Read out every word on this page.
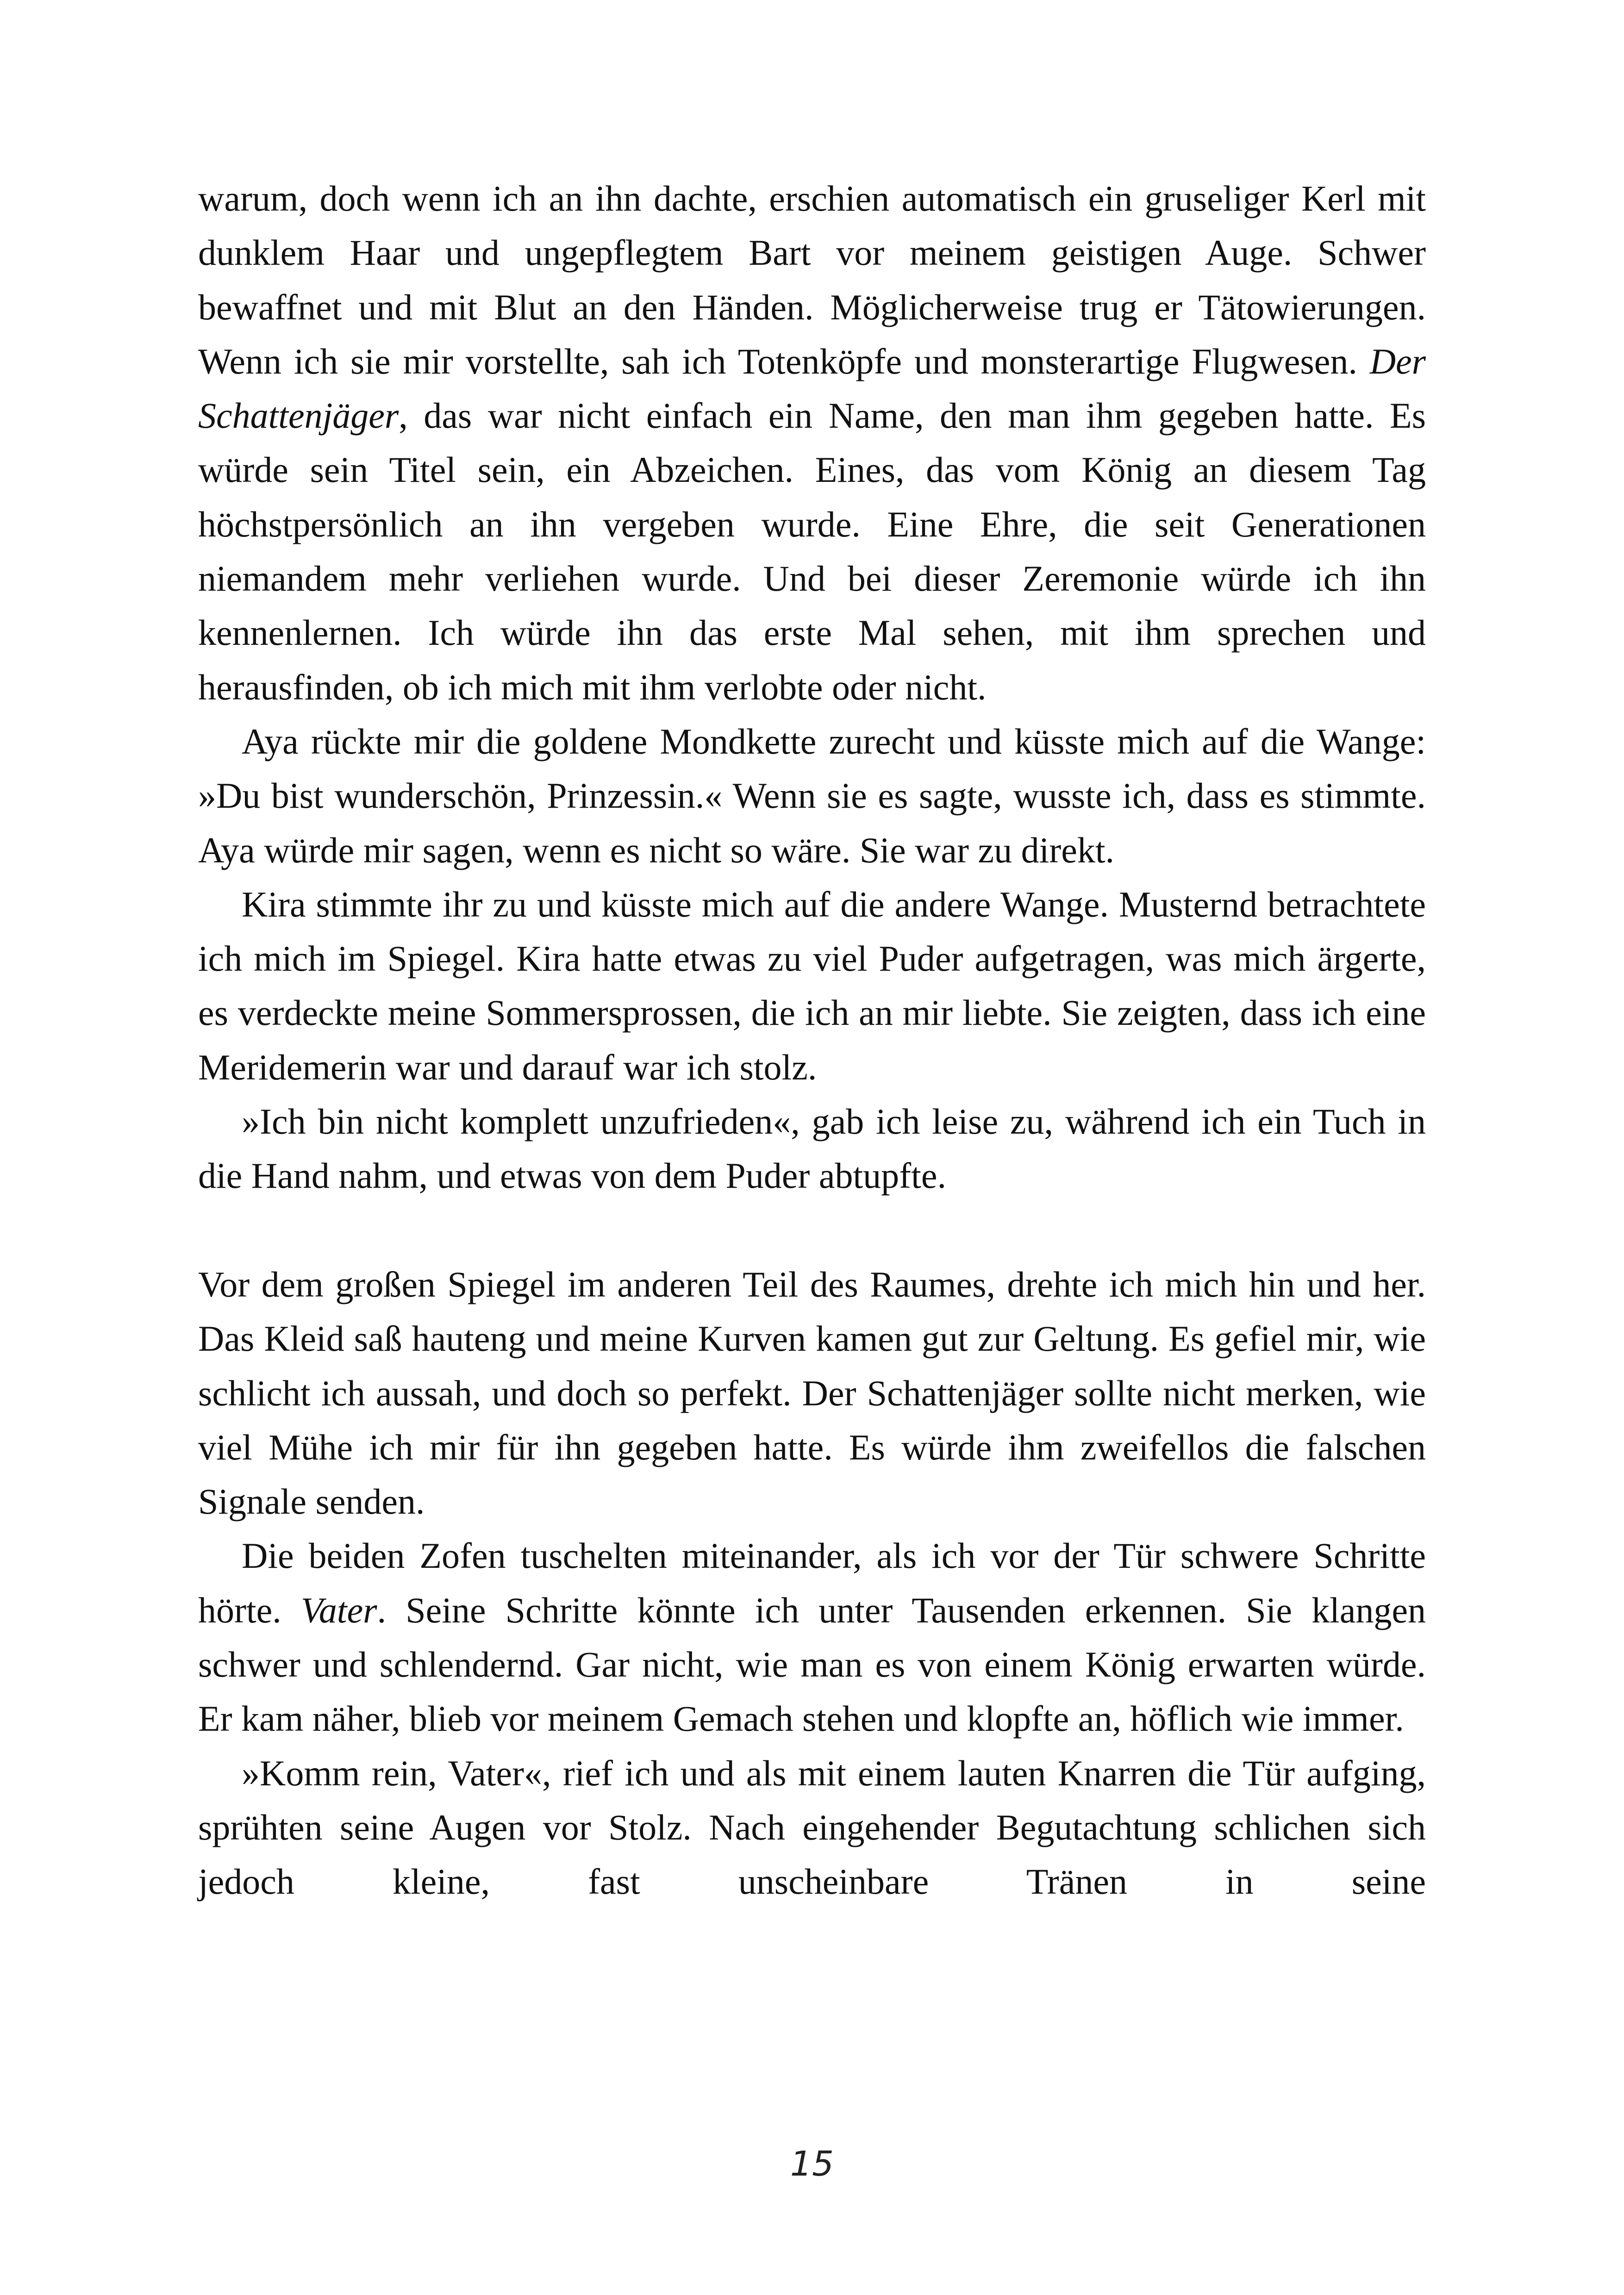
warum, doch wenn ich an ihn dachte, erschien automatisch ein gruseliger Kerl mit dunklem Haar und ungepflegtem Bart vor meinem geistigen Auge. Schwer bewaffnet und mit Blut an den Händen. Möglicherweise trug er Tätowierungen. Wenn ich sie mir vorstellte, sah ich Totenköpfe und monsterartige Flugwesen. Der Schattenjäger, das war nicht einfach ein Name, den man ihm gegeben hatte. Es würde sein Titel sein, ein Abzeichen. Eines, das vom König an diesem Tag höchstpersönlich an ihn vergeben wurde. Eine Ehre, die seit Generationen niemandem mehr verliehen wurde. Und bei dieser Zeremonie würde ich ihn kennenlernen. Ich würde ihn das erste Mal sehen, mit ihm sprechen und herausfinden, ob ich mich mit ihm verlobte oder nicht.

Aya rückte mir die goldene Mondkette zurecht und küsste mich auf die Wange: »Du bist wunderschön, Prinzessin.« Wenn sie es sagte, wusste ich, dass es stimmte. Aya würde mir sagen, wenn es nicht so wäre. Sie war zu direkt.

Kira stimmte ihr zu und küsste mich auf die andere Wange. Musternd betrachtete ich mich im Spiegel. Kira hatte etwas zu viel Puder aufgetragen, was mich ärgerte, es verdeckte meine Sommersprossen, die ich an mir liebte. Sie zeigten, dass ich eine Meridemerin war und darauf war ich stolz.

»Ich bin nicht komplett unzufrieden«, gab ich leise zu, während ich ein Tuch in die Hand nahm, und etwas von dem Puder abtupfte.

Vor dem großen Spiegel im anderen Teil des Raumes, drehte ich mich hin und her. Das Kleid saß hauteng und meine Kurven kamen gut zur Geltung. Es gefiel mir, wie schlicht ich aussah, und doch so perfekt. Der Schattenjäger sollte nicht merken, wie viel Mühe ich mir für ihn gegeben hatte. Es würde ihm zweifellos die falschen Signale senden.

Die beiden Zofen tuschelten miteinander, als ich vor der Tür schwere Schritte hörte. Vater. Seine Schritte könnte ich unter Tausenden erkennen. Sie klangen schwer und schlendernd. Gar nicht, wie man es von einem König erwarten würde. Er kam näher, blieb vor meinem Gemach stehen und klopfte an, höflich wie immer.

»Komm rein, Vater«, rief ich und als mit einem lauten Knarren die Tür aufging, sprühten seine Augen vor Stolz. Nach eingehender Begutachtung schlichen sich jedoch kleine, fast unscheinbare Tränen in seine

15
